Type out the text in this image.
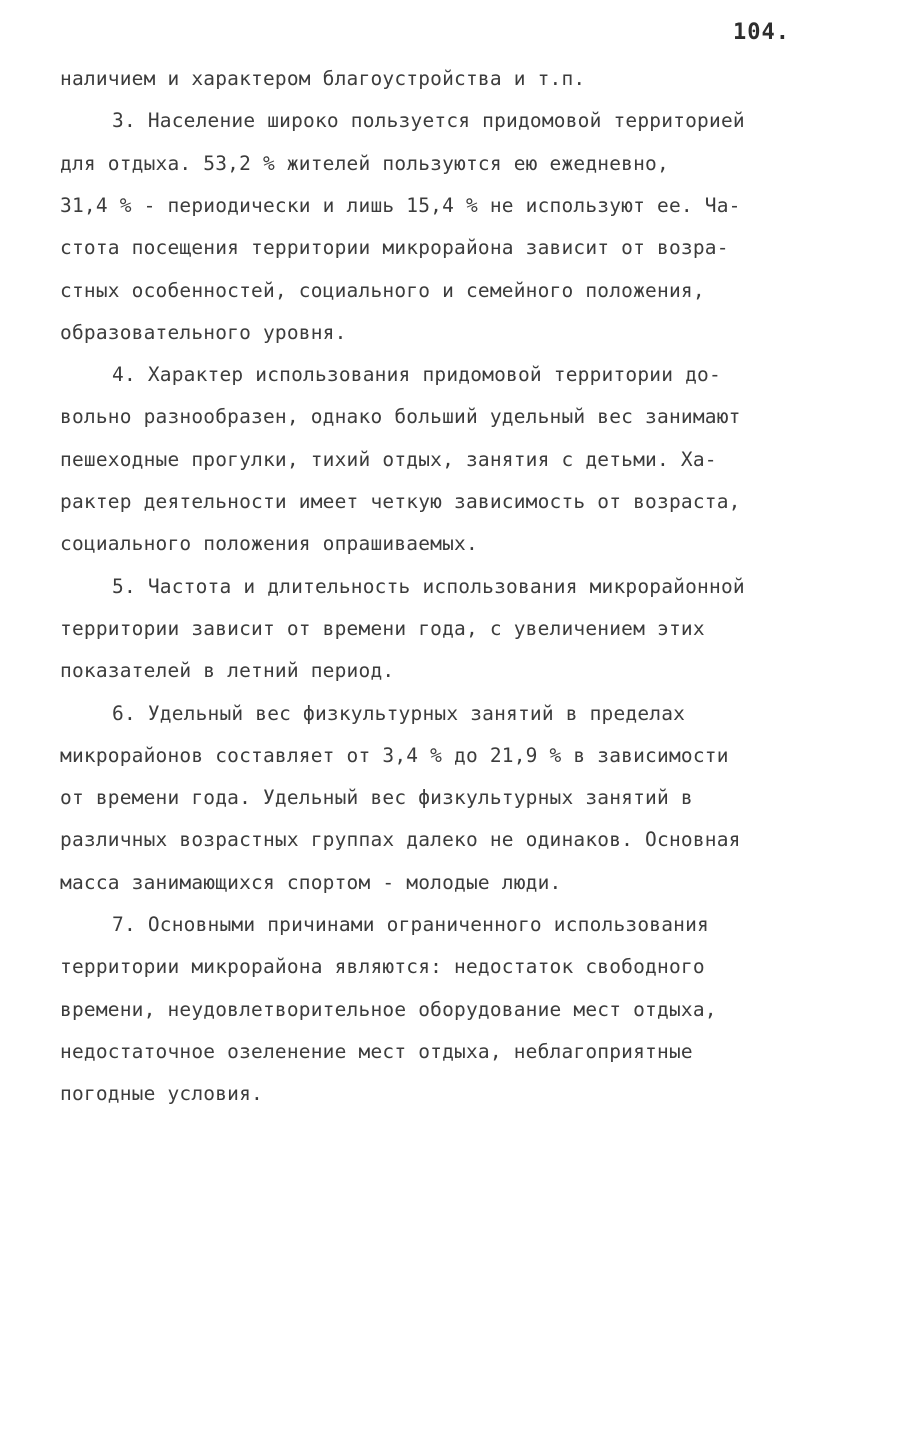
104.
наличием и характером благоустройства и т.п.
3. Население широко пользуется придомовой территорией
для отдыха. 53,2 % жителей пользуются ею ежедневно,
31,4 % - периодически и лишь 15,4 % не используют ее. Ча-
стота посещения территории микрорайона зависит от возра-
стных особенностей, социального и семейного положения,
образовательного уровня.
4. Характер использования придомовой территории до-
вольно разнообразен, однако больший удельный вес занимают
пешеходные прогулки, тихий отдых, занятия с детьми. Ха-
рактер деятельности имеет четкую зависимость от возраста,
социального положения опрашиваемых.
5. Частота и длительность использования микрорайонной
территории зависит от времени года, с увеличением этих
показателей в летний период.
6. Удельный вес физкультурных занятий в пределах
микрорайонов составляет от 3,4 % до 21,9 % в зависимости
от времени года. Удельный вес физкультурных занятий в
различных возрастных группах далеко не одинаков. Основная
масса занимающихся спортом - молодые люди.
7. Основными причинами ограниченного использования
территории микрорайона являются: недостаток свободного
времени, неудовлетворительное оборудование мест отдыха,
недостаточное озеленение мест отдыха, неблагоприятные
погодные условия.
